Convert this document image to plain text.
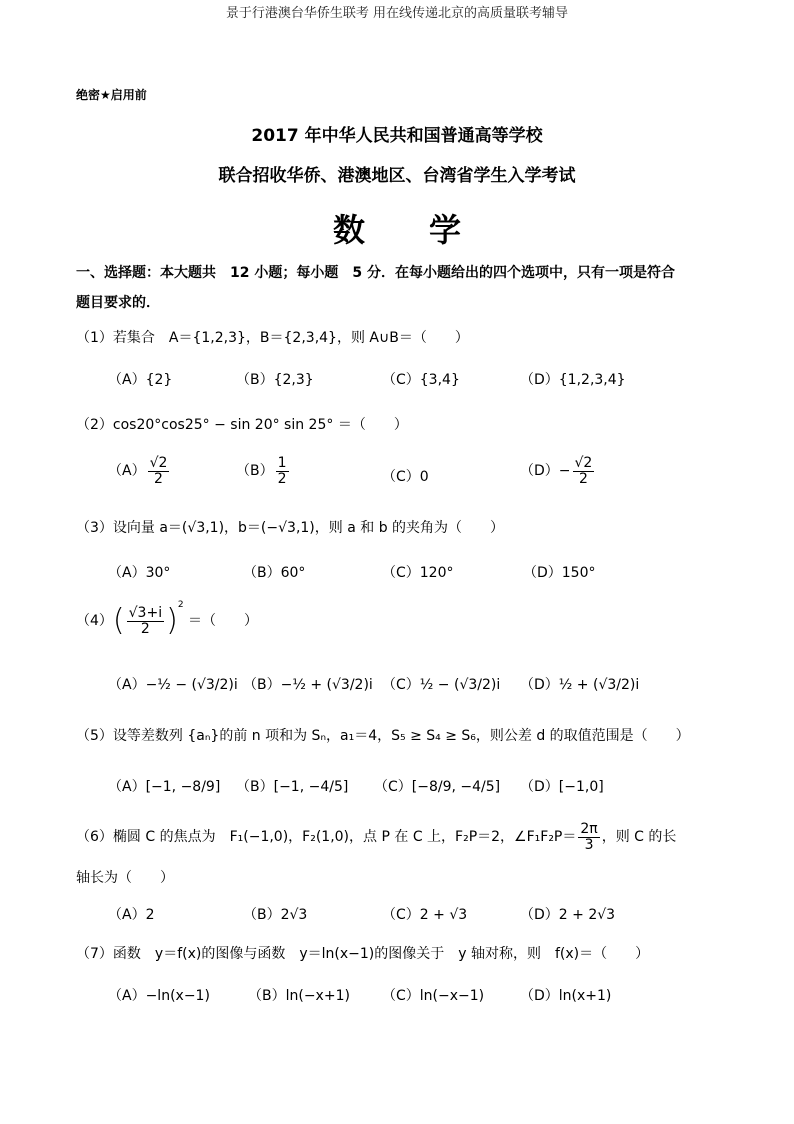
景于行港澳台华侨生联考 用在线传递北京的高质量联考辅导
绝密★启用前
2017 年中华人民共和国普通高等学校
联合招收华侨、港澳地区、台湾省学生入学考试
数　　学
一、选择题：本大题共　12 小题；每小题　5 分．在每小题给出的四个选项中，只有一项是符合
题目要求的．
（1）若集合　A＝{1,2,3}，B＝{2,3,4}，则 A∪B＝（　　）
（A）{2}	（B）{2,3}	（C）{3,4}	（D）{1,2,3,4}
（2）cos20°cos25° − sin 20° sin 25° ＝（　　）
$(A) \frac{√2}{2}$	$(B) \frac{1}{2}$	（C）0	$(D)- \frac{√2}{2}$
（3）设向量 a＝(√3,1)，b＝(−√3,1)，则 a 和 b 的夹角为（　　）
（A）30°	（B）60°	（C）120°	（D）150°
$(4)( \frac{√3+i}{2} )^2$ ＝（　　）
（A）−½ − (√3/2)i （B）−½ + (√3/2)i （C）½ − (√3/2)i （D）½ + (√3/2)i
（5）设等差数列 {aₙ}的前 n 项和为 Sₙ，a₁＝4，S₅ ≥ S₄ ≥ S₆，则公差 d 的取值范围是（　　）
（A）[−1, −8/9] （B）[−1, −4/5] （C）[−8/9, −4/5] （D）[−1,0]
（6）椭圆 C 的焦点为　F₁(−1,0)，F₂(1,0)，点 P 在 C 上，F₂P＝2，∠F₁F₂P＝ $\frac{2\pi}{3}$ ，则 C 的长
轴长为（　　）
（A）2	（B）2√3	（C）2 + √3	（D）2 + 2√3
（7）函数　y＝f(x)的图像与函数　y＝ln(x−1)的图像关于　y 轴对称，则　f(x)＝（　　）
（A）−ln(x−1)	（B）ln(−x+1) （C）ln(−x−1)	（D）ln(x+1)
